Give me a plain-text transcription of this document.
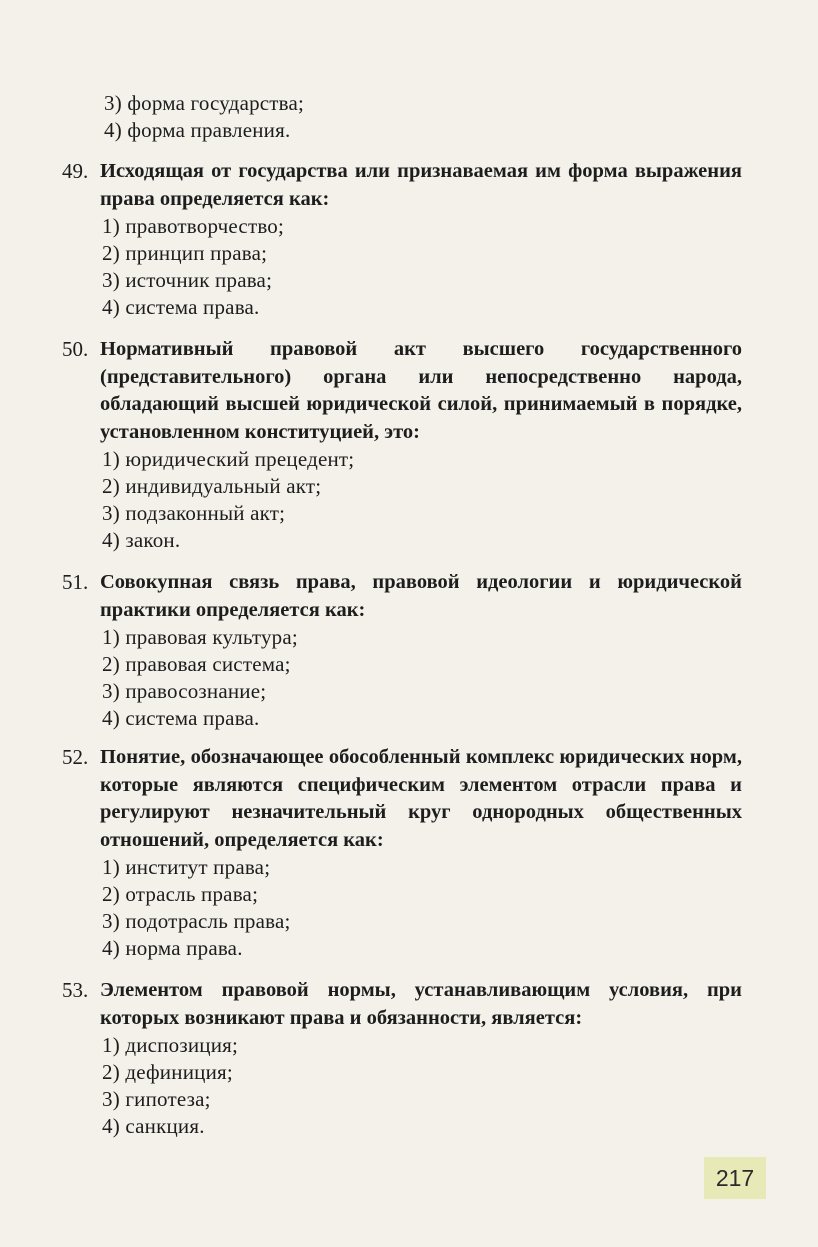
3) форма государства;

4) форма правления.

49. Исходящая от государства или признаваемая им форма выражения права определяется как:

1) правотворчество;

2) принцип права;

3) источник права;

4) система права.

50. Нормативный правовой акт высшего государственного (представительного) органа или непосредственно народа, обладающий высшей юридической силой, принимаемый в порядке, установленном конституцией, это:

1) юридический прецедент;

2) индивидуальный акт;

3) подзаконный акт;

4) закон.

51. Совокупная связь права, правовой идеологии и юридической практики определяется как:

1) правовая культура;

2) правовая система;

3) правосознание;

4) система права.

52. Понятие, обозначающее обособленный комплекс юридических норм, которые являются специфическим элементом отрасли права и регулируют незначительный круг однородных общественных отношений, определяется как:

1) институт права;

2) отрасль права;

3) подотрасль права;

4) норма права.

53. Элементом правовой нормы, устанавливающим условия, при которых возникают права и обязанности, является:

1) диспозиция;

2) дефиниция;

3) гипотеза;

4) санкция.

217
